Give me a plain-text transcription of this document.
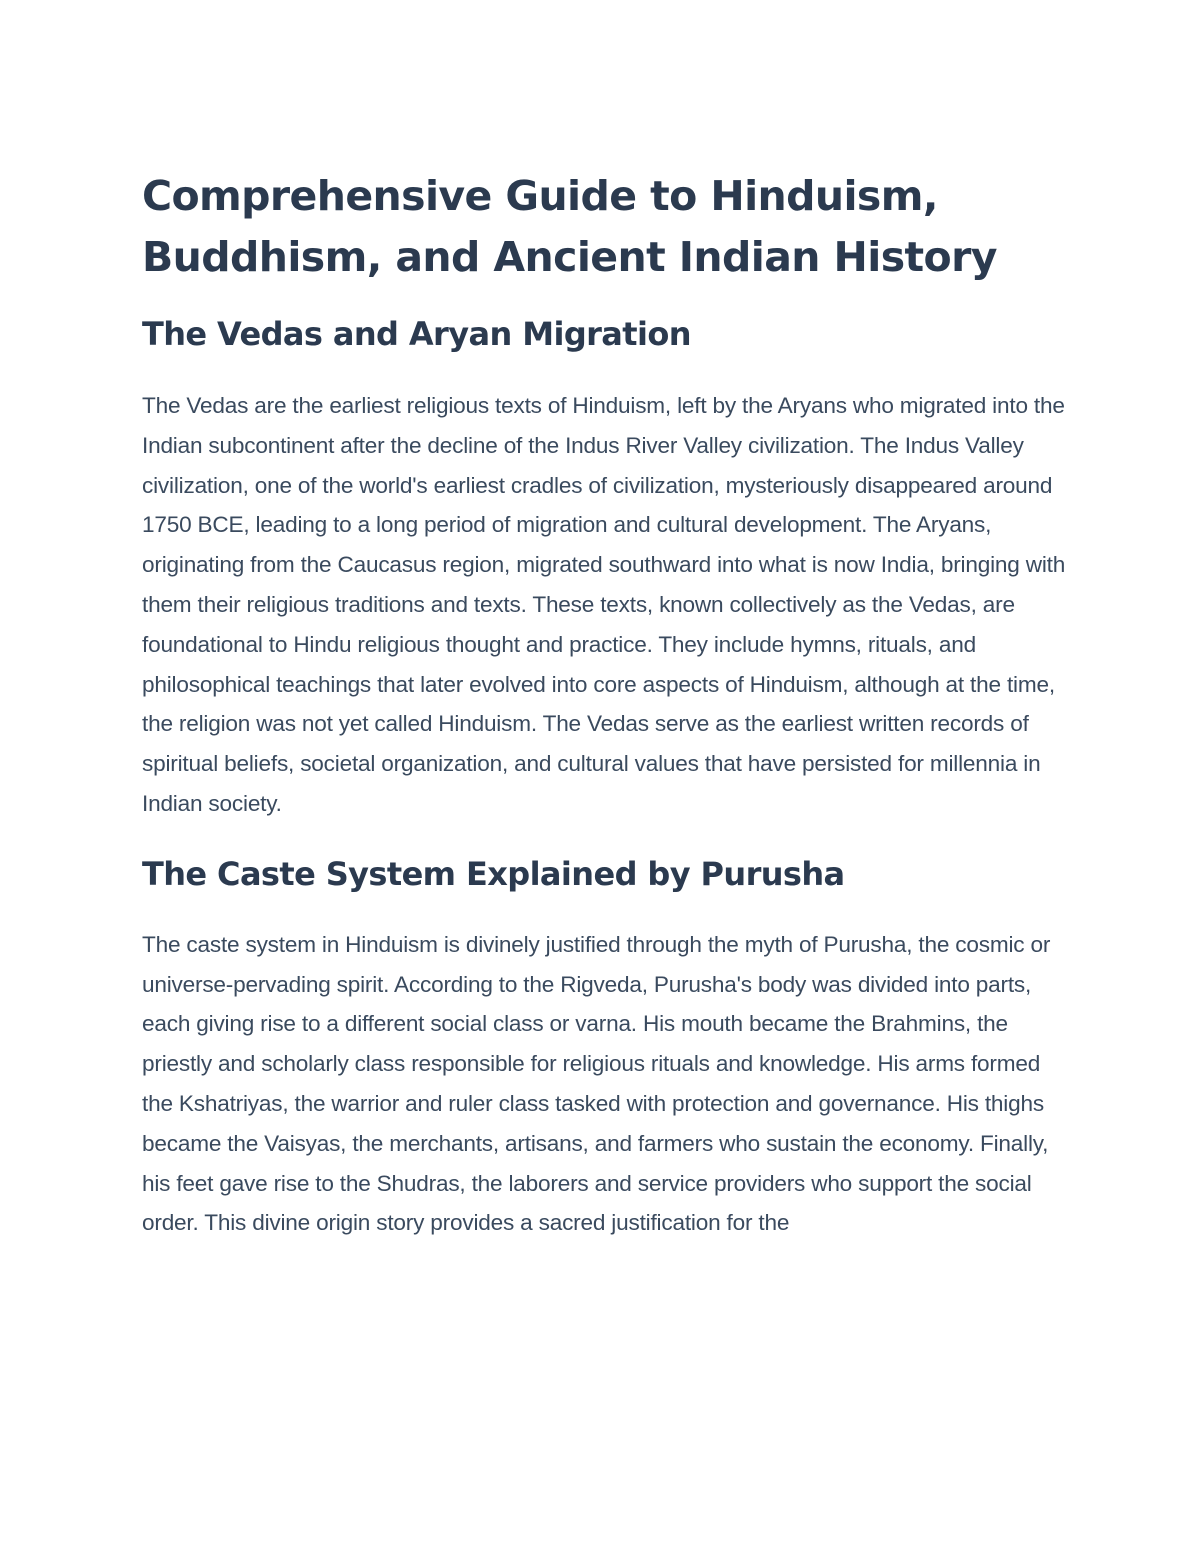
Comprehensive Guide to Hinduism, Buddhism, and Ancient Indian History
The Vedas and Aryan Migration

The Vedas are the earliest religious texts of Hinduism, left by the Aryans who migrated into the Indian subcontinent after the decline of the Indus River Valley civilization. The Indus Valley civilization, one of the world's earliest cradles of civilization, mysteriously disappeared around 1750 BCE, leading to a long period of migration and cultural development. The Aryans, originating from the Caucasus region, migrated southward into what is now India, bringing with them their religious traditions and texts. These texts, known collectively as the Vedas, are foundational to Hindu religious thought and practice. They include hymns, rituals, and philosophical teachings that later evolved into core aspects of Hinduism, although at the time, the religion was not yet called Hinduism. The Vedas serve as the earliest written records of spiritual beliefs, societal organization, and cultural values that have persisted for millennia in Indian society.

The Caste System Explained by Purusha

The caste system in Hinduism is divinely justified through the myth of Purusha, the cosmic or universe-pervading spirit. According to the Rigveda, Purusha's body was divided into parts, each giving rise to a different social class or varna. His mouth became the Brahmins, the priestly and scholarly class responsible for religious rituals and knowledge. His arms formed the Kshatriyas, the warrior and ruler class tasked with protection and governance. His thighs became the Vaisyas, the merchants, artisans, and farmers who sustain the economy. Finally, his feet gave rise to the Shudras, the laborers and service providers who support the social order. This divine origin story provides a sacred justification for the
